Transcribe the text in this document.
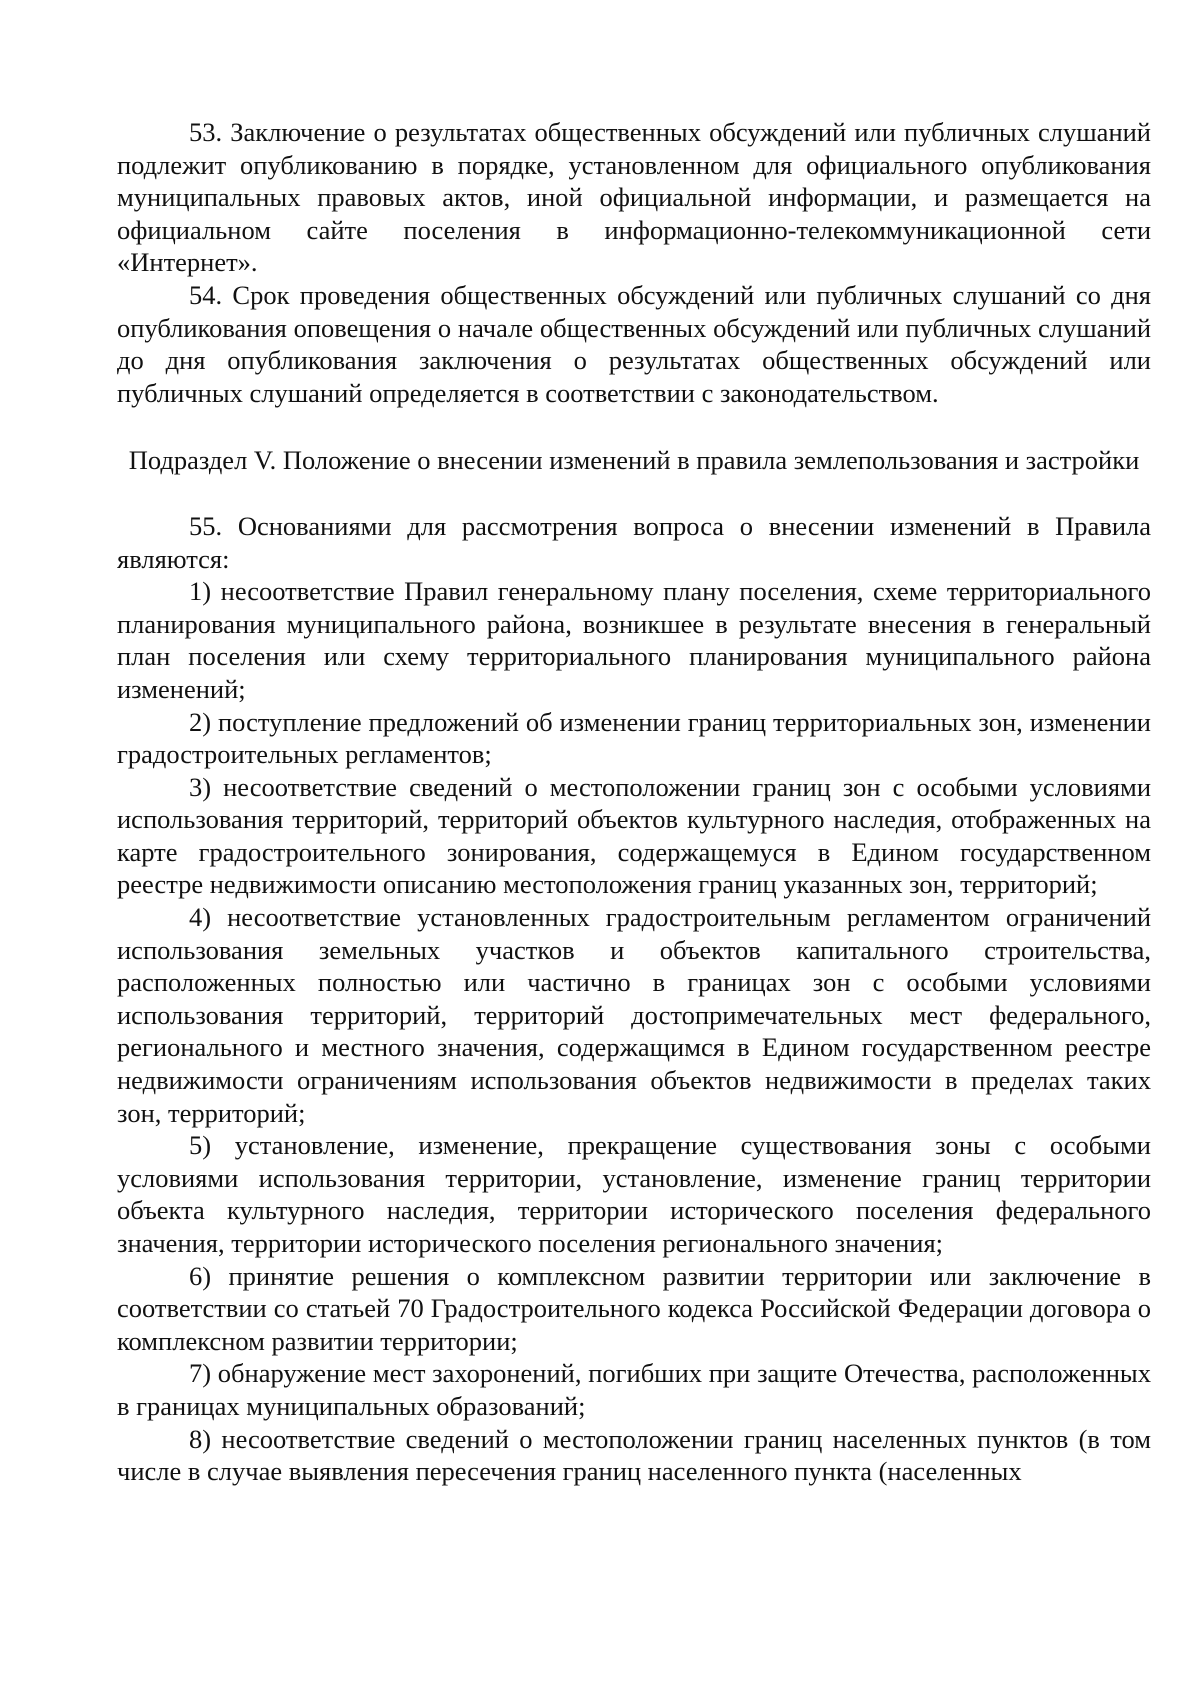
53. Заключение о результатах общественных обсуждений или публичных слушаний подлежит опубликованию в порядке, установленном для официального опубликования муниципальных правовых актов, иной официальной информации, и размещается на официальном сайте поселения в информационно-телекоммуникационной сети «Интернет».

54. Срок проведения общественных обсуждений или публичных слушаний со дня опубликования оповещения о начале общественных обсуждений или публичных слушаний до дня опубликования заключения о результатах общественных обсуждений или публичных слушаний определяется в соответствии с законодательством.

Подраздел V. Положение о внесении изменений в правила землепользования и застройки

55. Основаниями для рассмотрения вопроса о внесении изменений в Правила являются:

1) несоответствие Правил генеральному плану поселения, схеме территориального планирования муниципального района, возникшее в результате внесения в генеральный план поселения или схему территориального планирования муниципального района изменений;

2) поступление предложений об изменении границ территориальных зон, изменении градостроительных регламентов;

3) несоответствие сведений о местоположении границ зон с особыми условиями использования территорий, территорий объектов культурного наследия, отображенных на карте градостроительного зонирования, содержащемуся в Едином государственном реестре недвижимости описанию местоположения границ указанных зон, территорий;

4) несоответствие установленных градостроительным регламентом ограничений использования земельных участков и объектов капитального строительства, расположенных полностью или частично в границах зон с особыми условиями использования территорий, территорий достопримечательных мест федерального, регионального и местного значения, содержащимся в Едином государственном реестре недвижимости ограничениям использования объектов недвижимости в пределах таких зон, территорий;

5) установление, изменение, прекращение существования зоны с особыми условиями использования территории, установление, изменение границ территории объекта культурного наследия, территории исторического поселения федерального значения, территории исторического поселения регионального значения;

6) принятие решения о комплексном развитии территории или заключение в соответствии со статьей 70 Градостроительного кодекса Российской Федерации договора о комплексном развитии территории;

7) обнаружение мест захоронений, погибших при защите Отечества, расположенных в границах муниципальных образований;

8) несоответствие сведений о местоположении границ населенных пунктов (в том числе в случае выявления пересечения границ населенного пункта (населенных
